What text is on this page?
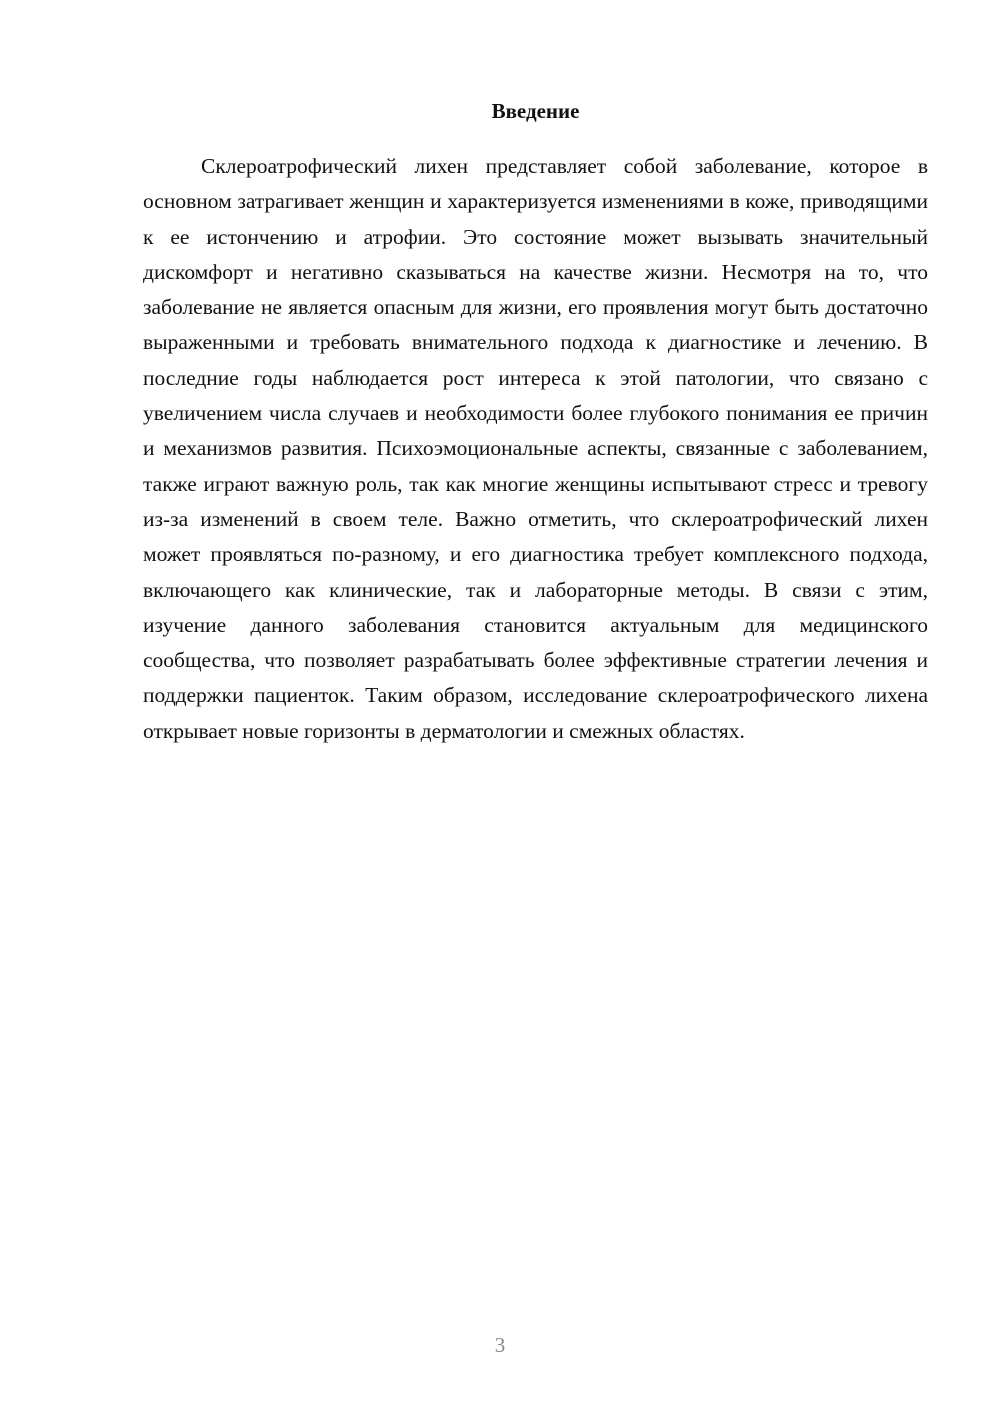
Введение

Склероатрофический лихен представляет собой заболевание, которое в основном затрагивает женщин и характеризуется изменениями в коже, приводящими к ее истончению и атрофии. Это состояние может вызывать значительный дискомфорт и негативно сказываться на качестве жизни. Несмотря на то, что заболевание не является опасным для жизни, его проявления могут быть достаточно выраженными и требовать внимательного подхода к диагностике и лечению. В последние годы наблюдается рост интереса к этой патологии, что связано с увеличением числа случаев и необходимости более глубокого понимания ее причин и механизмов развития. Психоэмоциональные аспекты, связанные с заболеванием, также играют важную роль, так как многие женщины испытывают стресс и тревогу из-за изменений в своем теле. Важно отметить, что склероатрофический лихен может проявляться по-разному, и его диагностика требует комплексного подхода, включающего как клинические, так и лабораторные методы. В связи с этим, изучение данного заболевания становится актуальным для медицинского сообщества, что позволяет разрабатывать более эффективные стратегии лечения и поддержки пациенток. Таким образом, исследование склероатрофического лихена открывает новые горизонты в дерматологии и смежных областях.

3
